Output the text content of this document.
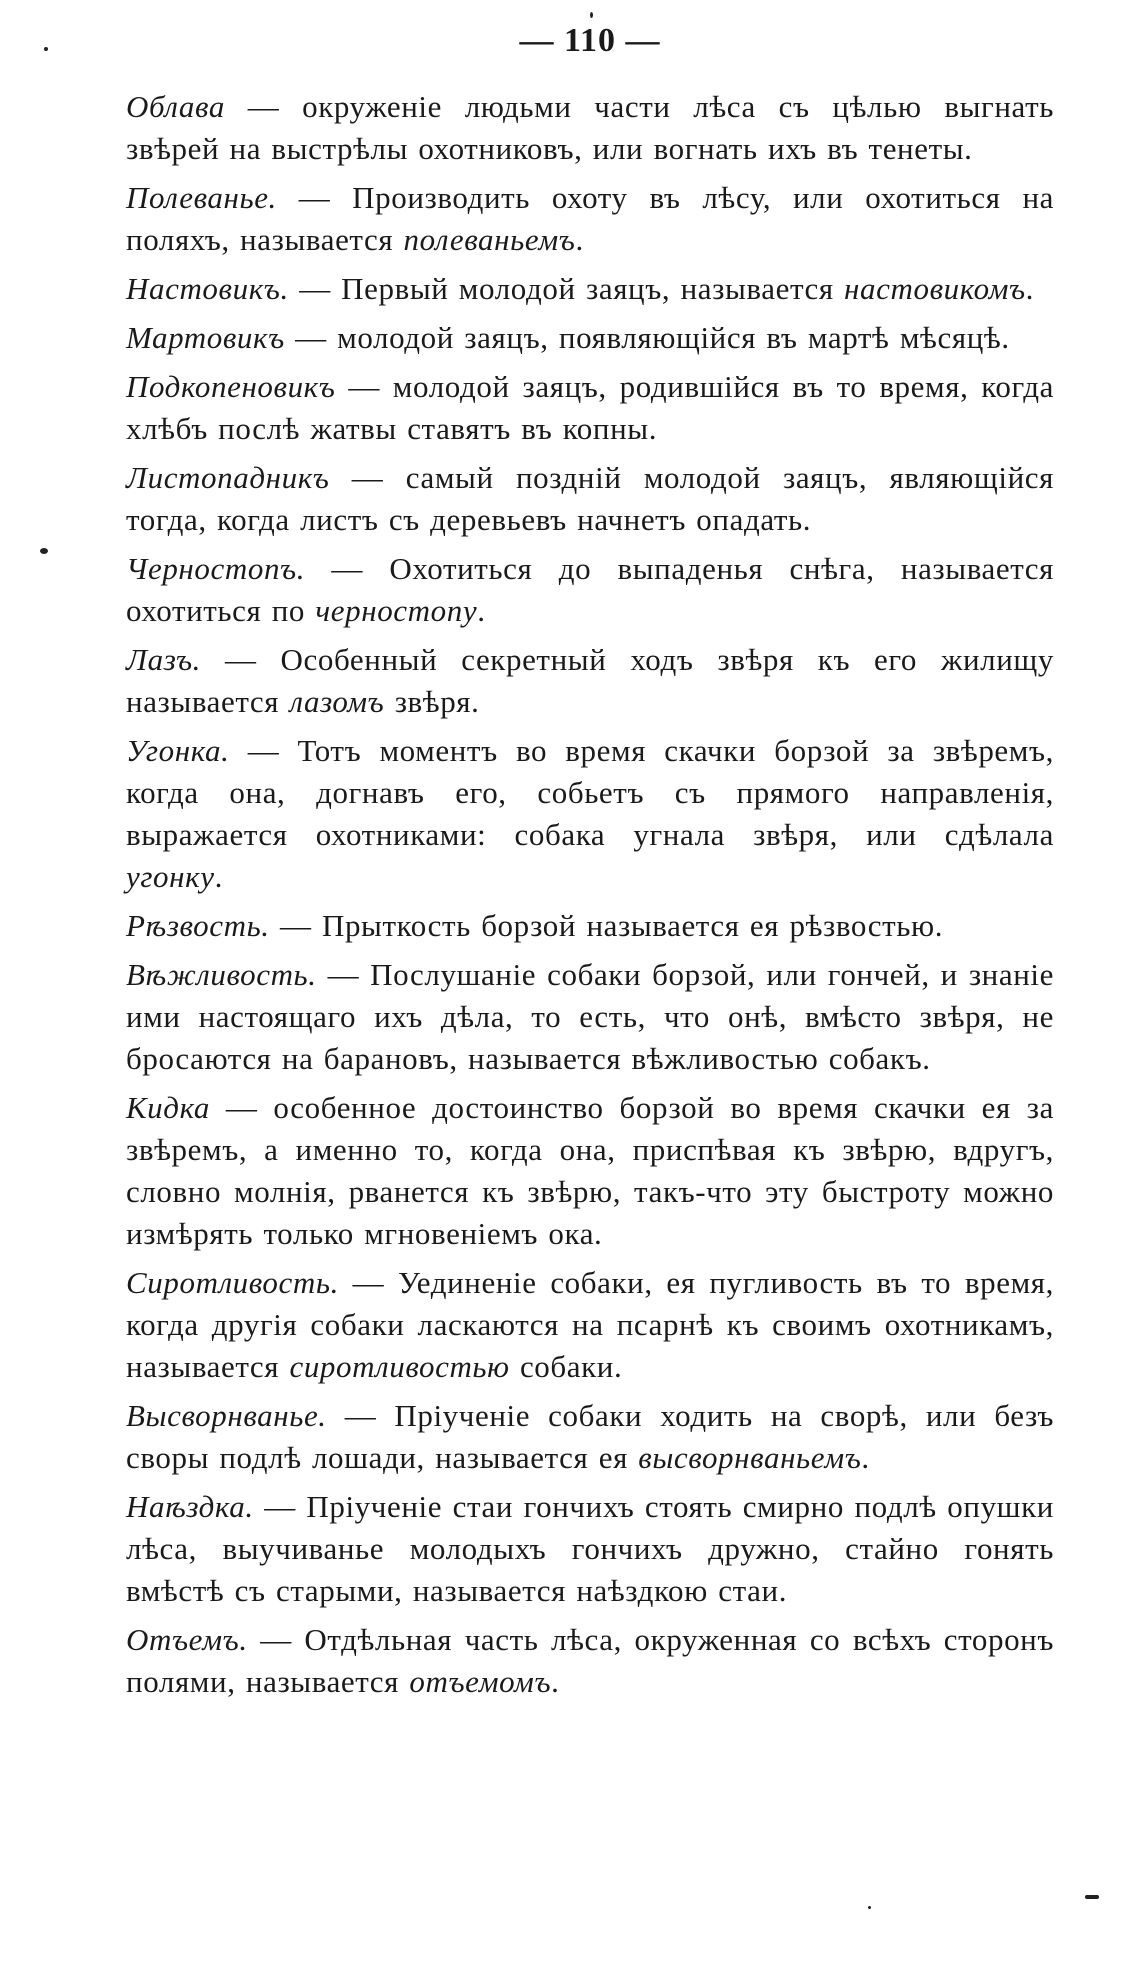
— 110 —

Облава — окруженіе людьми части лѣса съ цѣлью выгнать звѣрей на выстрѣлы охотниковъ, или вогнать ихъ въ тенеты.

Полеванье. — Производить охоту въ лѣсу, или охотиться на поляхъ, называется полеваньемъ.

Настовикъ. — Первый молодой заяцъ, называется настовикомъ.

Мартовикъ — молодой заяцъ, появляющійся въ мартѣ мѣсяцѣ.

Подкопеновикъ — молодой заяцъ, родившійся въ то время, когда хлѣбъ послѣ жатвы ставятъ въ копны.

Листопадникъ — самый поздній молодой заяцъ, являющійся тогда, когда листъ съ деревьевъ начнетъ опадать.

Черностопъ. — Охотиться до выпаденья снѣга, называется охотиться по черностопу.

Лазъ. — Особенный секретный ходъ звѣря къ его жилищу называется лазомъ звѣря.

Угонка. — Тотъ моментъ во время скачки борзой за звѣремъ, когда она, догнавъ его, собьетъ съ прямого направленія, выражается охотниками: собака угнала звѣря, или сдѣлала угонку.

Рѣзвость. — Прыткость борзой называется ея рѣзвостью.

Вѣжливость. — Послушаніе собаки борзой, или гончей, и знаніе ими настоящаго ихъ дѣла, то есть, что онѣ, вмѣсто звѣря, не бросаются на барановъ, называется вѣжливостью собакъ.

Кидка — особенное достоинство борзой во время скачки ея за звѣремъ, а именно то, когда она, приспѣвая къ звѣрю, вдругъ, словно молнія, рванется къ звѣрю, такъ-что эту быстроту можно измѣрять только мгновеніемъ ока.

Сиротливость. — Уединеніе собаки, ея пугливость въ то время, когда другія собаки ласкаются на псарнѣ къ своимъ охотникамъ, называется сиротливостью собаки.

Высворнванье. — Пріученіе собаки ходить на сворѣ, или безъ своры подлѣ лошади, называется ея высворнваньемъ.

Наѣздка. — Пріученіе стаи гончихъ стоять смирно подлѣ опушки лѣса, выучиванье молодыхъ гончихъ дружно, стайно гонять вмѣстѣ съ старыми, называется наѣздкою стаи.

Отъемъ. — Отдѣльная часть лѣса, окруженная со всѣхъ сторонъ полями, называется отъемомъ.
